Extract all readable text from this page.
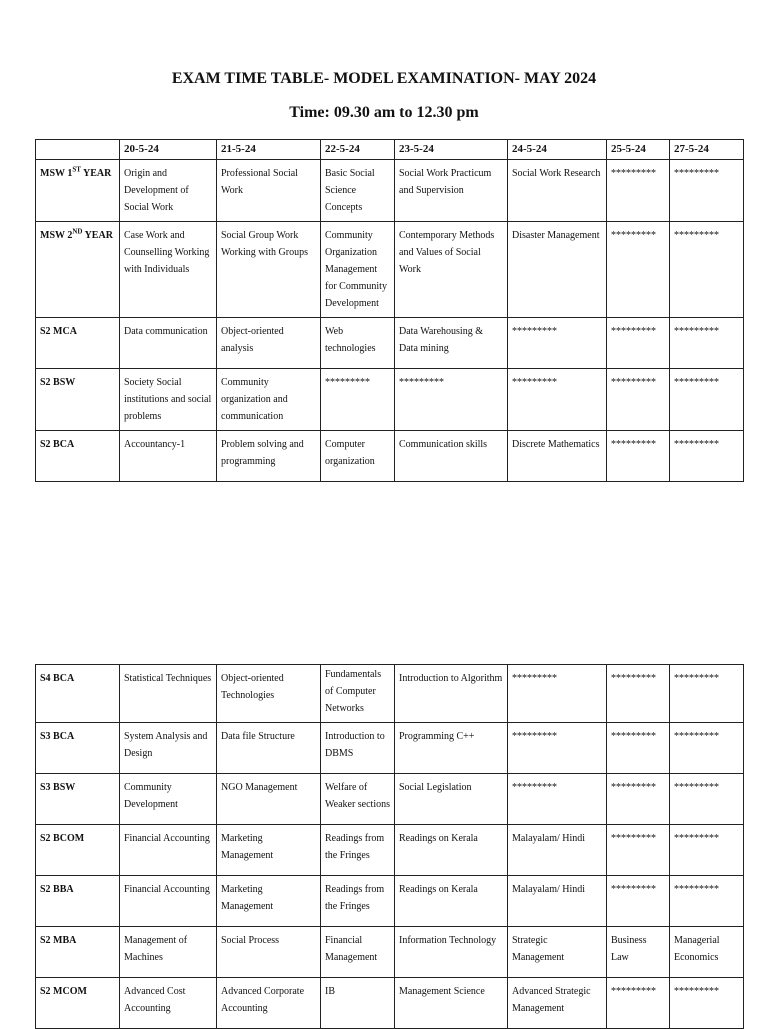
EXAM TIME TABLE- MODEL EXAMINATION- MAY 2024
Time: 09.30 am to 12.30 pm
	20-5-24	21-5-24	22-5-24	23-5-24	24-5-24	25-5-24	27-5-24
MSW 1ST YEAR	Origin and Development of Social Work	Professional Social Work	Basic Social Science Concepts	Social Work Practicum and Supervision	Social Work Research	*********	*********
MSW 2ND YEAR	Case Work and Counselling Working with Individuals	Social Group Work Working with Groups	Community Organization Management for Community Development	Contemporary Methods and Values of Social Work	Disaster Management	*********	*********
S2 MCA	Data communication	Object-oriented analysis	Web technologies	Data Warehousing & Data mining	*********	*********	*********
S2 BSW	Society Social institutions and social problems	Community organization and communication	*********	*********	*********	*********	*********
S2 BCA	Accountancy-1	Problem solving and programming	Computer organization	Communication skills	Discrete Mathematics	*********	*********
S4 BCA	Statistical Techniques	Object-oriented Technologies	Fundamentals of Computer Networks	Introduction to Algorithm	*********	*********	*********
S3 BCA	System Analysis and Design	Data file Structure	Introduction to DBMS	Programming C++	*********	*********	*********
S3 BSW	Community Development	NGO Management	Welfare of Weaker sections	Social Legislation	*********	*********	*********
S2 BCOM	Financial Accounting	Marketing Management	Readings from the Fringes	Readings on Kerala	Malayalam/ Hindi	*********	*********
S2 BBA	Financial Accounting	Marketing Management	Readings from the Fringes	Readings on Kerala	Malayalam/ Hindi	*********	*********
S2 MBA	Management of Machines	Social Process	Financial Management	Information Technology	Strategic Management	Business Law	Managerial Economics
S2 MCOM	Advanced Cost Accounting	Advanced Corporate Accounting	IB	Management Science	Advanced Strategic Management	*********	*********
